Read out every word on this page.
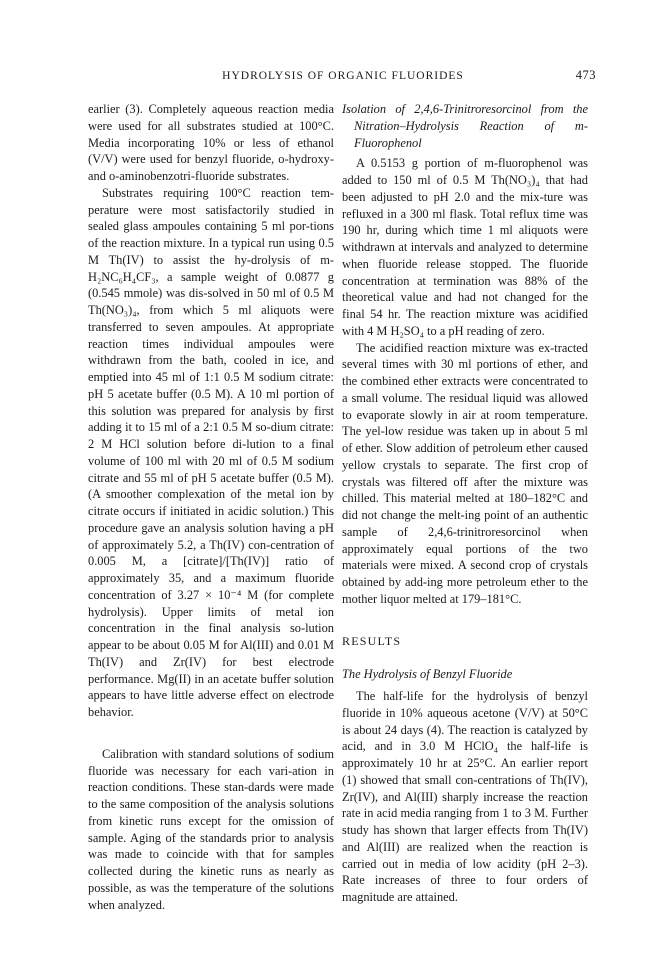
HYDROLYSIS OF ORGANIC FLUORIDES	473

earlier (3). Completely aqueous reaction media were used for all substrates studied at 100°C. Media incorporating 10% or less of ethanol (V/V) were used for benzyl fluoride, o-hydroxy- and o-aminobenzotri-fluoride substrates.

Substrates requiring 100°C reaction tem-perature were most satisfactorily studied in sealed glass ampoules containing 5 ml por-tions of the reaction mixture. In a typical run using 0.5 M Th(IV) to assist the hy-drolysis of m-H₂NC₆H₄CF₃, a sample weight of 0.0877 g (0.545 mmole) was dis-solved in 50 ml of 0.5 M Th(NO₃)₄, from which 5 ml aliquots were transferred to seven ampoules. At appropriate reaction times individual ampoules were withdrawn from the bath, cooled in ice, and emptied into 45 ml of 1:1 0.5 M sodium citrate: pH 5 acetate buffer (0.5 M). A 10 ml portion of this solution was prepared for analysis by first adding it to 15 ml of a 2:1 0.5 M so-dium citrate: 2 M HCl solution before di-lution to a final volume of 100 ml with 20 ml of 0.5 M sodium citrate and 55 ml of pH 5 acetate buffer (0.5 M). (A smoother complexation of the metal ion by citrate occurs if initiated in acidic solution.) This procedure gave an analysis solution having a pH of approximately 5.2, a Th(IV) con-centration of 0.005 M, a [citrate]/[Th(IV)] ratio of approximately 35, and a maximum fluoride concentration of 3.27 × 10⁻⁴ M (for complete hydrolysis). Upper limits of metal ion concentration in the final analysis so-lution appear to be about 0.05 M for Al(III) and 0.01 M Th(IV) and Zr(IV) for best electrode performance. Mg(II) in an acetate buffer solution appears to have little adverse effect on electrode behavior.

Calibration with standard solutions of sodium fluoride was necessary for each vari-ation in reaction conditions. These stan-dards were made to the same composition of the analysis solutions from kinetic runs except for the omission of sample. Aging of the standards prior to analysis was made to coincide with that for samples collected during the kinetic runs as nearly as possible, as was the temperature of the solutions when analyzed.

Isolation of 2,4,6-Trinitroresorcinol from the Nitration–Hydrolysis Reaction of m-Fluorophenol

A 0.5153 g portion of m-fluorophenol was added to 150 ml of 0.5 M Th(NO₃)₄ that had been adjusted to pH 2.0 and the mix-ture was refluxed in a 300 ml flask. Total reflux time was 190 hr, during which time 1 ml aliquots were withdrawn at intervals and analyzed to determine when fluoride release stopped. The fluoride concentration at termination was 88% of the theoretical value and had not changed for the final 54 hr. The reaction mixture was acidified with 4 M H₂SO₄ to a pH reading of zero.

The acidified reaction mixture was ex-tracted several times with 30 ml portions of ether, and the combined ether extracts were concentrated to a small volume. The residual liquid was allowed to evaporate slowly in air at room temperature. The yel-low residue was taken up in about 5 ml of ether. Slow addition of petroleum ether caused yellow crystals to separate. The first crop of crystals was filtered off after the mixture was chilled. This material melted at 180–182°C and did not change the melt-ing point of an authentic sample of 2,4,6-trinitroresorcinol when approximately equal portions of the two materials were mixed. A second crop of crystals obtained by add-ing more petroleum ether to the mother liquor melted at 179–181°C.

RESULTS

The Hydrolysis of Benzyl Fluoride

The half-life for the hydrolysis of benzyl fluoride in 10% aqueous acetone (V/V) at 50°C is about 24 days (4). The reaction is catalyzed by acid, and in 3.0 M HClO₄ the half-life is approximately 10 hr at 25°C. An earlier report (1) showed that small con-centrations of Th(IV), Zr(IV), and Al(III) sharply increase the reaction rate in acid media ranging from 1 to 3 M. Further study has shown that larger effects from Th(IV) and Al(III) are realized when the reaction is carried out in media of low acidity (pH 2–3). Rate increases of three to four orders of magnitude are attained.
